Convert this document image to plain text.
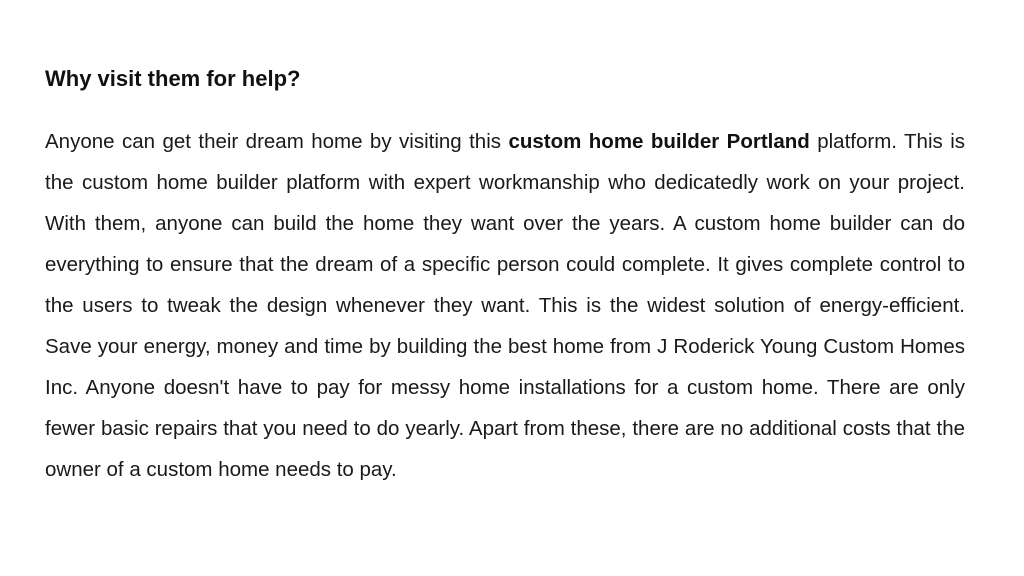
Why visit them for help?

Anyone can get their dream home by visiting this custom home builder Portland platform. This is the custom home builder platform with expert workmanship who dedicatedly work on your project. With them, anyone can build the home they want over the years. A custom home builder can do everything to ensure that the dream of a specific person could complete. It gives complete control to the users to tweak the design whenever they want. This is the widest solution of energy-efficient. Save your energy, money and time by building the best home from J Roderick Young Custom Homes Inc. Anyone doesn't have to pay for messy home installations for a custom home. There are only fewer basic repairs that you need to do yearly. Apart from these, there are no additional costs that the owner of a custom home needs to pay.
